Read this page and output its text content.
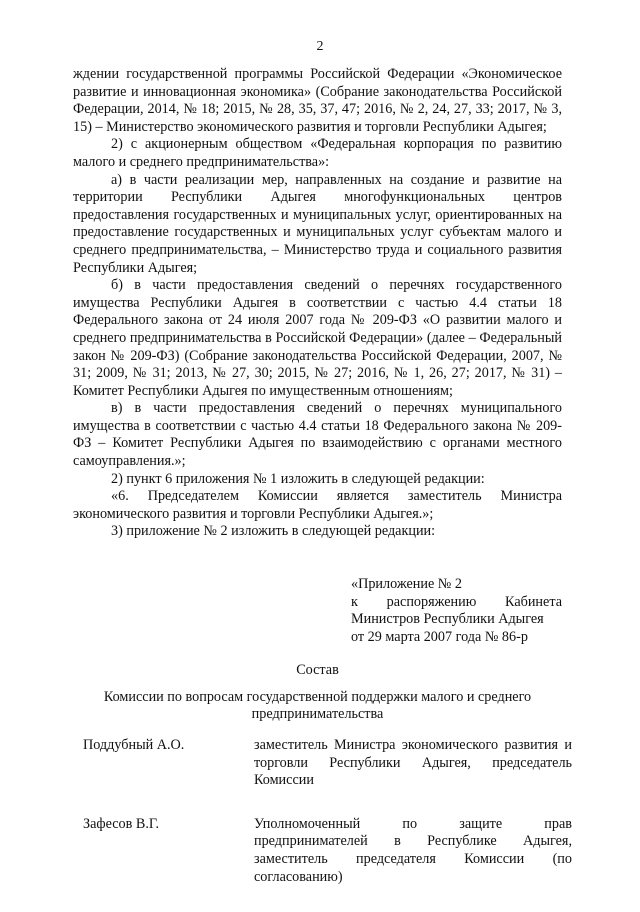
2

ждении государственной программы Российской Федерации «Экономическое развитие и инновационная экономика» (Собрание законодательства Российской Федерации, 2014, № 18; 2015, № 28, 35, 37, 47; 2016, № 2, 24, 27, 33; 2017, № 3, 15) – Министерство экономического развития и торговли Республики Адыгея;

2) с акционерным обществом «Федеральная корпорация по развитию малого и среднего предпринимательства»:

а) в части реализации мер, направленных на создание и развитие на территории Республики Адыгея многофункциональных центров предоставления государственных и муниципальных услуг, ориентированных на предоставление государственных и муниципальных услуг субъектам малого и среднего предпринимательства, – Министерство труда и социального развития Республики Адыгея;

б) в части предоставления сведений о перечнях государственного имущества Республики Адыгея в соответствии с частью 4.4 статьи 18 Федерального закона от 24 июля 2007 года № 209-ФЗ «О развитии малого и среднего предпринимательства в Российской Федерации» (далее – Федеральный закон № 209-ФЗ) (Собрание законодательства Российской Федерации, 2007, № 31; 2009, № 31; 2013, № 27, 30; 2015, № 27; 2016, № 1, 26, 27; 2017, № 31) – Комитет Республики Адыгея по имущественным отношениям;

в) в части предоставления сведений о перечнях муниципального имущества в соответствии с частью 4.4 статьи 18 Федерального закона № 209-ФЗ – Комитет Республики Адыгея по взаимодействию с органами местного самоуправления.»;

2) пункт 6 приложения № 1 изложить в следующей редакции:

«6. Председателем Комиссии является заместитель Министра экономического развития и торговли Республики Адыгея.»;

3) приложение № 2 изложить в следующей редакции:

«Приложение № 2
к распоряжению Кабинета
Министров Республики Адыгея
от 29 марта 2007 года № 86-р
Состав
Комиссии по вопросам государственной поддержки малого и среднего предпринимательства
Поддубный А.О.	заместитель Министра экономического развития и торговли Республики Адыгея, председатель Комиссии
Зафесов В.Г.	Уполномоченный по защите прав предпринимателей в Республике Адыгея, заместитель председателя Комиссии (по согласованию)
